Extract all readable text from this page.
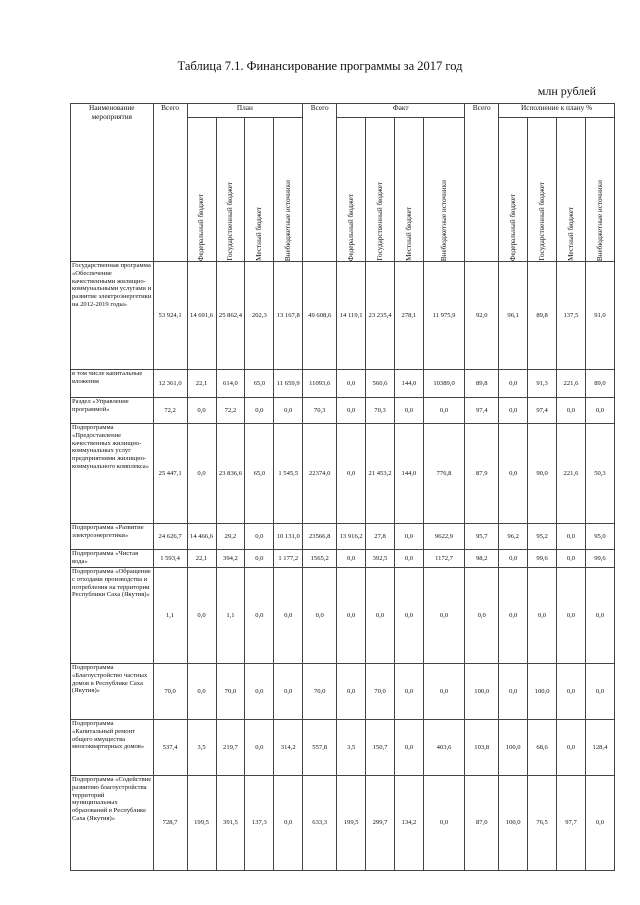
Таблица 7.1. Финансирование программы за 2017 год
млн рублей
Наименование мероприятия	Всего	План				Всего	Факт				Всего	Исполнение к плану %			

		Федеральный бюджет	Государственный бюджет	Местный бюджет	Внебюджетные источники		Федеральный бюджет	Государственный бюджет	Местный бюджет	Внебюджетные источники		Федеральный бюджет	Государственный бюджет	Местный бюджет	Внебюджетные источники

Государственная программа «Обеспечение качественными жилищно-коммунальными услугами и развитие электроэнергетики на 2012-2019 годы»	53 924,1	14 691,6	25 862,4	202,3	13 167,8	49 608,6	14 119,1	23 235,4	278,1	11 975,9	92,0	96,1	89,8	137,5	91,0
в том числе капитальные вложения	12 361,0	22,1	614,0	65,0	11 659,9	11093,6	0,0	560,6	144,0	10389,0	89,8	0,0	91,3	221,6	89,0
Раздел «Управление программой»	72,2	0,0	72,2	0,0	0,0	70,3	0,0	70,3	0,0	0,0	97,4	0,0	97,4	0,0	0,0
Подпрограмма «Предоставление качественных жилищно-коммунальных услуг предприятиями жилищно-коммунального комплекса»	25 447,1	0,0	23 836,6	65,0	1 545,5	22374,0	0,0	21 453,2	144,0	776,8	87,9	0,0	90,0	221,6	50,3
Подпрограмма «Развитие электроэнергетики»	24 626,7	14 466,6	29,2	0,0	10 131,0	23566,8	13 916,2	27,8	0,0	9622,9	95,7	96,2	95,2	0,0	95,0
Подпрограмма «Чистая вода»	1 593,4	22,1	394,2	0,0	1 177,2	1565,2	0,0	392,5	0,0	1172,7	98,2	0,0	99,6	0,0	99,6
Подпрограмма «Обращение с отходами производства и потребления на территории Республики Саха (Якутия)»	1,1	0,0	1,1	0,0	0,0	0,0	0,0	0,0	0,0	0,0	0,0	0,0	0,0	0,0	0,0
Подпрограмма «Благоустройство частных домов в Республике Саха (Якутия)»	70,0	0,0	70,0	0,0	0,0	70,0	0,0	70,0	0,0	0,0	100,0	0,0	100,0	0,0	0,0
Подпрограмма «Капитальный ремонт общего имущества многоквартирных домов»	537,4	3,5	219,7	0,0	314,2	557,8	3,5	150,7	0,0	403,6	103,8	100,0	68,6	0,0	128,4
Подпрограмма «Содействие развитию благоустройства территорий муниципальных образований в Республике Саха (Якутия)»	728,7	199,5	391,5	137,3	0,0	633,3	199,5	299,7	134,2	0,0	87,0	100,0	76,5	97,7	0,0
